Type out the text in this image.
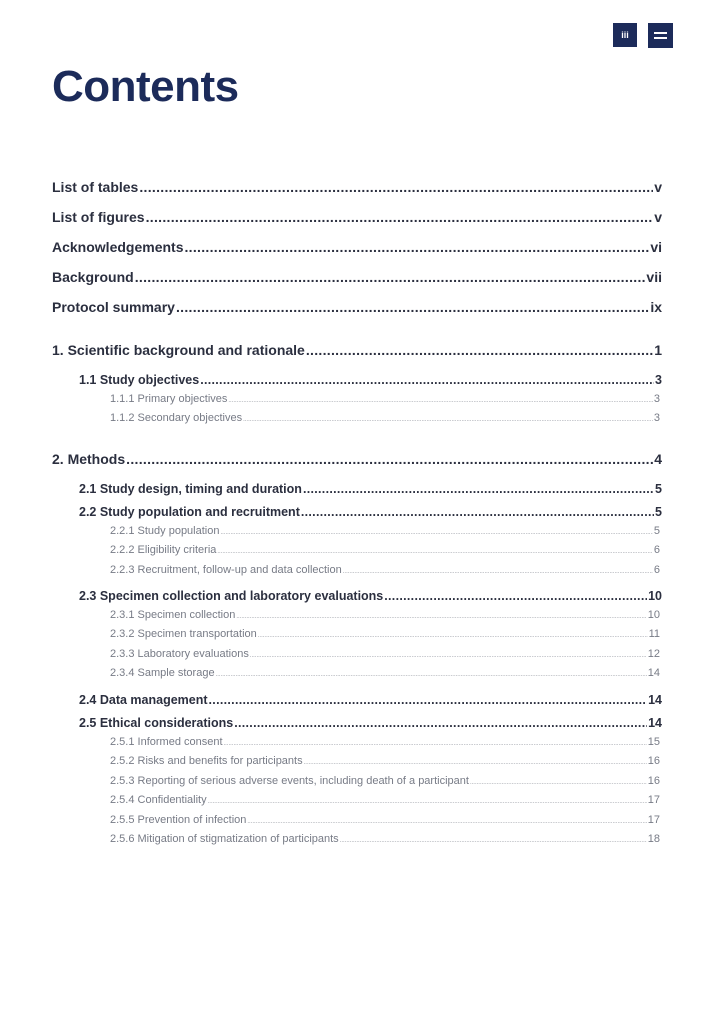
iii
Contents
List of tables .....	v
List of figures .....	v
Acknowledgements .....	vi
Background .....	vii
Protocol summary .....	ix
1. Scientific background and rationale .....	1
1.1 Study objectives .....	3
1.1.1 Primary objectives .....	3
1.1.2 Secondary objectives .....	3
2. Methods .....	4
2.1 Study design, timing and duration .....	5
2.2 Study population and recruitment .....	5
2.2.1 Study population .....	5
2.2.2 Eligibility criteria .....	6
2.2.3 Recruitment, follow-up and data collection .....	6
2.3 Specimen collection and laboratory evaluations .....	10
2.3.1 Specimen collection .....	10
2.3.2 Specimen transportation .....	11
2.3.3 Laboratory evaluations .....	12
2.3.4 Sample storage .....	14
2.4 Data management .....	14
2.5 Ethical considerations .....	14
2.5.1 Informed consent .....	15
2.5.2 Risks and benefits for participants .....	16
2.5.3 Reporting of serious adverse events, including death of a participant .....	16
2.5.4 Confidentiality .....	17
2.5.5 Prevention of infection .....	17
2.5.6 Mitigation of stigmatization of participants .....	18
